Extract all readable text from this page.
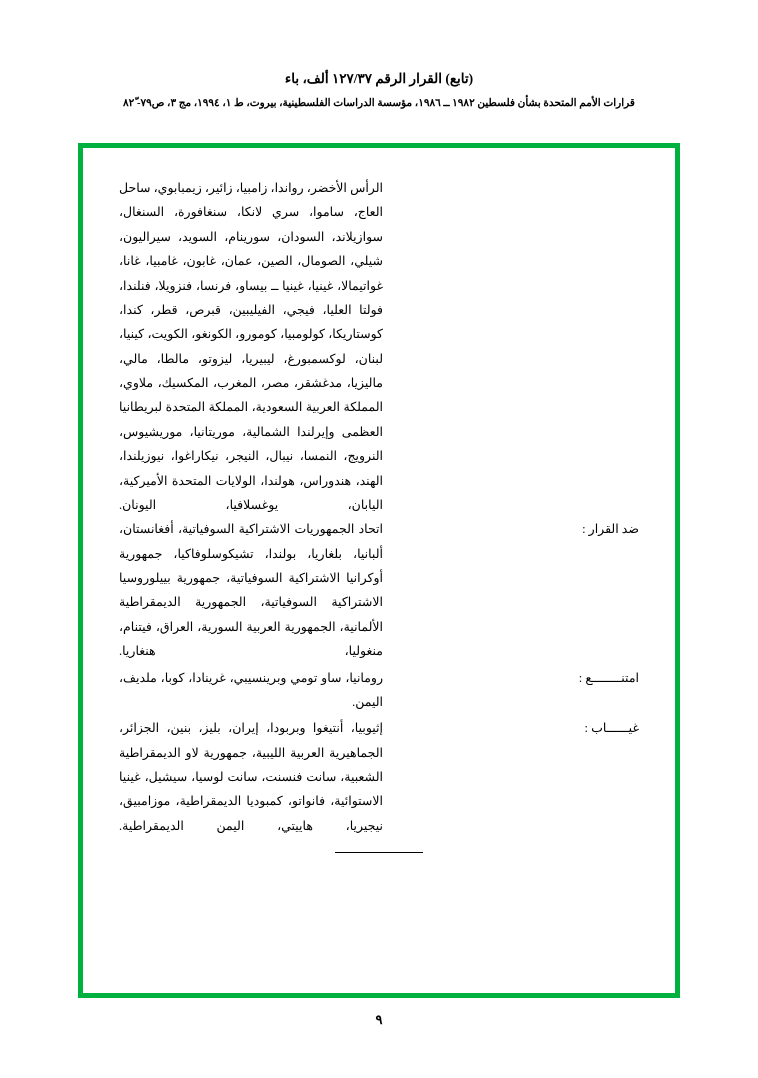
(تابع) القرار الرقم ١٢٧/٣٧ ألف، باء
قرارات الأمم المتحدة بشأن فلسطين ١٩٨٢ ــ ١٩٨٦، مؤسسة الدراسات الفلسطينية، بيروت، ط ١، ١٩٩٤، مج ٣، ص٧٩- ٨٢ّ
الرأس الأخضر، رواندا، زامبيا، زائير، زيمبابوي، ساحل العاج، ساموا، سري لانكا، سنغافورة، السنغال، سوازيلاند، السودان، سورينام، السويد، سيراليون، شيلي، الصومال، الصين، عمان، غابون، غامبيا، غانا، غواتيمالا، غينيا، غينيا ــ بيساو، فرنسا، فنزويلا، فنلندا، فولتا العليا، فيجي، الفيليبين، قبرص، قطر، كندا، كوستاريكا، كولومبيا، كومورو، الكونغو، الكويت، كينيا، لبنان، لوكسمبورغ، ليبيريا، ليزوتو، مالطا، مالي، ماليزيا، مدغشقر، مصر، المغرب، المكسيك، ملاوي، المملكة العربية السعودية، المملكة المتحدة لبريطانيا العظمى وإيرلندا الشمالية، موريتانيا، موريشيوس، النرويج، النمسا، نيبال، النيجر، نيكاراغوا، نيوزيلندا، الهند، هندوراس، هولندا، الولايات المتحدة الأميركية، اليابان، يوغسلافيا، اليونان.
ضد القرار :
اتحاد الجمهوريات الاشتراكية السوفياتية، أفغانستان، ألبانيا، بلغاريا، بولندا، تشيكوسلوفاكيا، جمهورية أوكرانيا الاشتراكية السوفياتية، جمهورية بييلوروسيا الاشتراكية السوفياتية، الجمهورية الديمقراطية الألمانية، الجمهورية العربية السورية، العراق، فيتنام، منغوليا، هنغاريا.
امتنــــــــع :
رومانيا، ساو تومي وبرينسيبي، غرينادا، كوبا، ملديف، اليمن.
غيــــــاب :
إثيوبيا، أنتيغوا وبربودا، إيران، بليز، بنين، الجزائر، الجماهيرية العربية الليبية، جمهورية لاو الديمقراطية الشعبية، سانت فنسنت، سانت لوسيا، سيشيل، غينيا الاستوائية، فانواتو، كمبوديا الديمقراطية، موزامبيق، نيجيريا، هاييتي، اليمن الديمقراطية.
٩
